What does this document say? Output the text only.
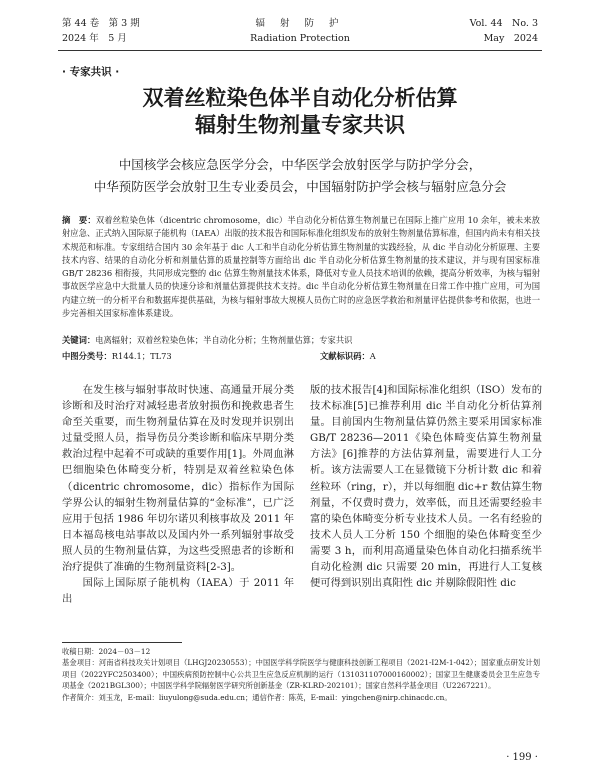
第 44 卷　第 3 期
2024 年　5 月
辐 射 防 护
Radiation Protection
Vol. 44　No. 3
May　2024
· 专家共识 ·
双着丝粒染色体半自动化分析估算
辐射生物剂量专家共识
中国核学会核应急医学分会，中华医学会放射医学与防护学分会，
中华预防医学会放射卫生专业委员会，中国辐射防护学会核与辐射应急分会
摘　要：双着丝粒染色体（dicentric chromosome，dic）半自动化分析估算生物剂量已在国际上推广应用 10 余年，被未来放射应急、正式纳入国际原子能机构（IAEA）出版的技术报告和国际标准化组织发布的放射生物剂量估算标准，但国内尚未有相关技术规范和标准。专家组结合国内 30 余年基于 dic 人工和半自动化分析估算生物剂量的实践经验，从 dic 半自动化分析原理、主要技术内容、结果的自动化分析和剂量估算的质量控制等方面给出 dic 半自动化分析估算生物剂量的技术建议，并与现有国家标准 GB/T 28236 相衔接，共同形成完整的 dic 估算生物剂量技术体系，降低对专业人员技术培训的依赖，提高分析效率，为核与辐射事故医学应急中大批量人员的快速分诊和剂量估算提供技术支持。dic 半自动化分析估算生物剂量在日常工作中推广应用，可为国内建立统一的分析平台和数据库提供基础，为核与辐射事故大规模人员伤亡时的应急医学救治和剂量评估提供参考和依据，也进一步完善相关国家标准体系建设。
关键词：电离辐射；双着丝粒染色体；半自动化分析；生物剂量估算；专家共识
中图分类号：R144.1；TL73	文献标识码：A

在发生核与辐射事故时快速、高通量开展分类诊断和及时治疗对减轻患者放射损伤和挽救患者生命至关重要，而生物剂量估算在及时发现并识别出过量受照人员，指导伤员分类诊断和临床早期分类救治过程中起着不可或缺的重要作用[1]。外周血淋巴细胞染色体畸变分析，特别是双着丝粒染色体（dicentric chromosome，dic）指标作为国际学界公认的辐射生物剂量估算的“金标准”，已广泛应用于包括 1986 年切尔诺贝利核事故及 2011 年日本福岛核电站事故以及国内外一系列辐射事故受照人员的生物剂量估算，为这些受照患者的诊断和治疗提供了准确的生物剂量资料[2-3]。

国际上国际原子能机构（IAEA）于 2011 年出

版的技术报告[4]和国际标准化组织（ISO）发布的技术标准[5]已推荐利用 dic 半自动化分析估算剂量。目前国内生物剂量估算仍然主要采用国家标准 GB/T 28236—2011《染色体畸变估算生物剂量方法》[6]推荐的方法估算剂量，需要进行人工分析。该方法需要人工在显微镜下分析计数 dic 和着丝粒环（ring，r），并以每细胞 dic+r 数估算生物剂量，不仅费时费力，效率低，而且还需要经验丰富的染色体畸变分析专业技术人员。一名有经验的技术人员人工分析 150 个细胞的染色体畸变至少需要 3 h，而利用高通量染色体自动化扫描系统半自动化检测 dic 只需要 20 min，再进行人工复核便可得到识别出真阳性 dic 并剔除假阳性 dic

收稿日期：2024－03－12
基金项目：河南省科技攻关计划项目（LHGJ20230553）；中国医学科学院医学与健康科技创新工程项目（2021-I2M-1-042）；国家重点研发计划项目（2022YFC2503400）；中国疾病预防控制中心公共卫生应急反应机制的运行（131031107000160002）；国家卫生健康委员会卫生应急专项基金（2021BGL300）；中国医学科学院辐射医学研究所创新基金（ZR-KLRD-202101）；国家自然科学基金项目（U2267221）。
作者简介：刘玉龙，E-mail：liuyulong@suda.edu.cn；通信作者：陈英，E-mail：yingchen@nirp.chinacdc.cn。
· 199 ·
